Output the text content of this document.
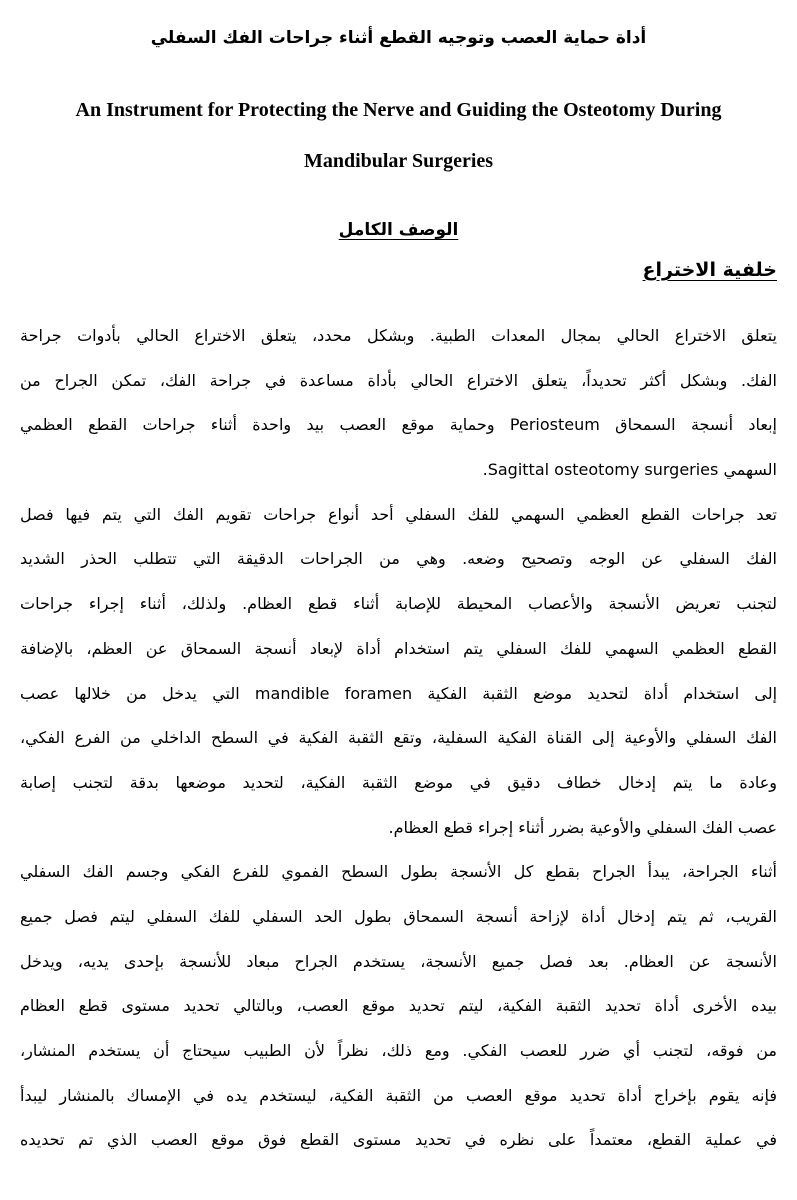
أداة حماية العصب وتوجيه القطع أثناء جراحات الفك السفلي
An Instrument for Protecting the Nerve and Guiding the Osteotomy During
Mandibular Surgeries
الوصف الكامل
خلفية الاختراع
يتعلق الاختراع الحالي بمجال المعدات الطبية. وبشكل محدد، يتعلق الاختراع الحالي بأدوات جراحة
الفك. وبشكل أكثر تحديداً، يتعلق الاختراع الحالي بأداة مساعدة في جراحة الفك، تمكن الجراح من
إبعاد أنسجة السمحاق Periosteum وحماية موقع العصب بيد واحدة أثناء جراحات القطع العظمي
السهمي Sagittal osteotomy surgeries.
تعد جراحات القطع العظمي السهمي للفك السفلي أحد أنواع جراحات تقويم الفك التي يتم فيها فصل
الفك السفلي عن الوجه وتصحيح وضعه. وهي من الجراحات الدقيقة التي تتطلب الحذر الشديد
لتجنب تعريض الأنسجة والأعصاب المحيطة للإصابة أثناء قطع العظام. ولذلك، أثناء إجراء جراحات
القطع العظمي السهمي للفك السفلي يتم استخدام أداة لإبعاد أنسجة السمحاق عن العظم، بالإضافة
إلى استخدام أداة لتحديد موضع الثقبة الفكية mandible foramen التي يدخل من خلالها عصب
الفك السفلي والأوعية إلى القناة الفكية السفلية، وتقع الثقبة الفكية في السطح الداخلي من الفرع الفكي،
وعادة ما يتم إدخال خطاف دقيق في موضع الثقبة الفكية، لتحديد موضعها بدقة لتجنب إصابة
عصب الفك السفلي والأوعية بضرر أثناء إجراء قطع العظام.
أثناء الجراحة، يبدأ الجراح بقطع كل الأنسجة بطول السطح الفموي للفرع الفكي وجسم الفك السفلي
القريب، ثم يتم إدخال أداة لإزاحة أنسجة السمحاق بطول الحد السفلي للفك السفلي ليتم فصل جميع
الأنسجة عن العظام. بعد فصل جميع الأنسجة، يستخدم الجراح مبعاد للأنسجة بإحدى يديه، ويدخل
بيده الأخرى أداة تحديد الثقبة الفكية، ليتم تحديد موقع العصب، وبالتالي تحديد مستوى قطع العظام
من فوقه، لتجنب أي ضرر للعصب الفكي. ومع ذلك، نظراً لأن الطبيب سيحتاج أن يستخدم المنشار،
فإنه يقوم بإخراج أداة تحديد موقع العصب من الثقبة الفكية، ليستخدم يده في الإمساك بالمنشار ليبدأ
في عملية القطع، معتمداً على نظره في تحديد مستوى القطع فوق موقع العصب الذي تم تحديده
